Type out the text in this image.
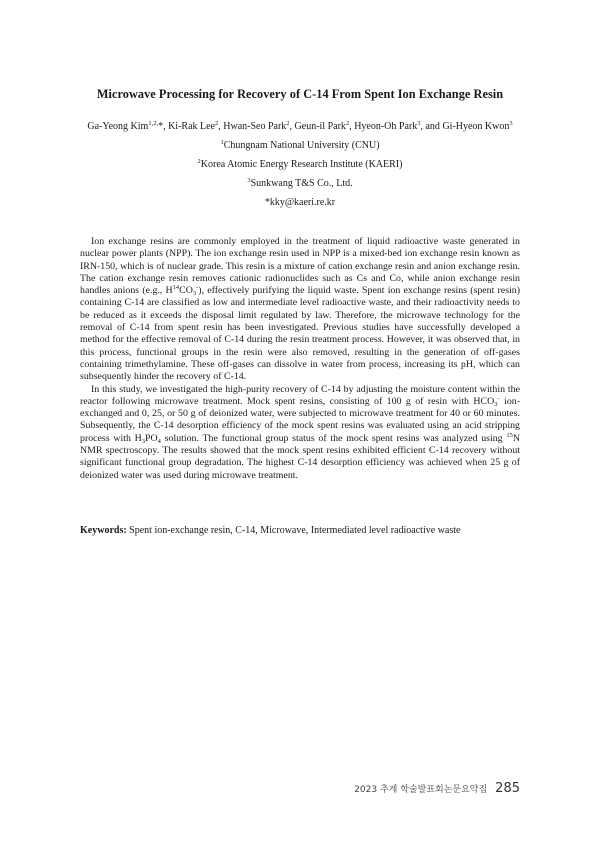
Microwave Processing for Recovery of C-14 From Spent Ion Exchange Resin
Ga-Yeong Kim$^{1,2,}$*, Ki-Rak Lee$^2$, Hwan-Seo Park$^2$, Geun-il Park$^2$, Hyeon-Oh Park$^3$, and Gi-Hyeon Kwon$^3$
$^1$Chungnam National University (CNU)
$^2$Korea Atomic Energy Research Institute (KAERI)
$^3$Sunkwang T&S Co., Ltd.
*kky@kaeri.re.kr

Ion exchange resins are commonly employed in the treatment of liquid radioactive waste generated in nuclear power plants (NPP). The ion exchange resin used in NPP is a mixed-bed ion exchange resin known as IRN-150, which is of nuclear grade. This resin is a mixture of cation exchange resin and anion exchange resin. The cation exchange resin removes cationic radionuclides such as Cs and Co, while anion exchange resin handles anions (e.g., $H^{14}CO_3^-$), effectively purifying the liquid waste. Spent ion exchange resins (spent resin) containing C-14 are classified as low and intermediate level radioactive waste, and their radioactivity needs to be reduced as it exceeds the disposal limit regulated by law. Therefore, the microwave technology for the removal of C-14 from spent resin has been investigated. Previous studies have successfully developed a method for the effective removal of C-14 during the resin treatment process. However, it was observed that, in this process, functional groups in the resin were also removed, resulting in the generation of off-gases containing trimethylamine. These off-gases can dissolve in water from process, increasing its pH, which can subsequently hinder the recovery of C-14.

In this study, we investigated the high-purity recovery of C-14 by adjusting the moisture content within the reactor following microwave treatment. Mock spent resins, consisting of 100 g of resin with $HCO_3^-$ ion-exchanged and 0, 25, or 50 g of deionized water, were subjected to microwave treatment for 40 or 60 minutes. Subsequently, the C-14 desorption efficiency of the mock spent resins was evaluated using an acid stripping process with $H_3PO_4$ solution. The functional group status of the mock spent resins was analyzed using $^{15}$N NMR spectroscopy. The results showed that the mock spent resins exhibited efficient C-14 recovery without significant functional group degradation. The highest C-14 desorption efficiency was achieved when 25 g of deionized water was used during microwave treatment.

Keywords: Spent ion-exchange resin, C-14, Microwave, Intermediated level radioactive waste
2023 추계 학술발표회논문요약집 285
